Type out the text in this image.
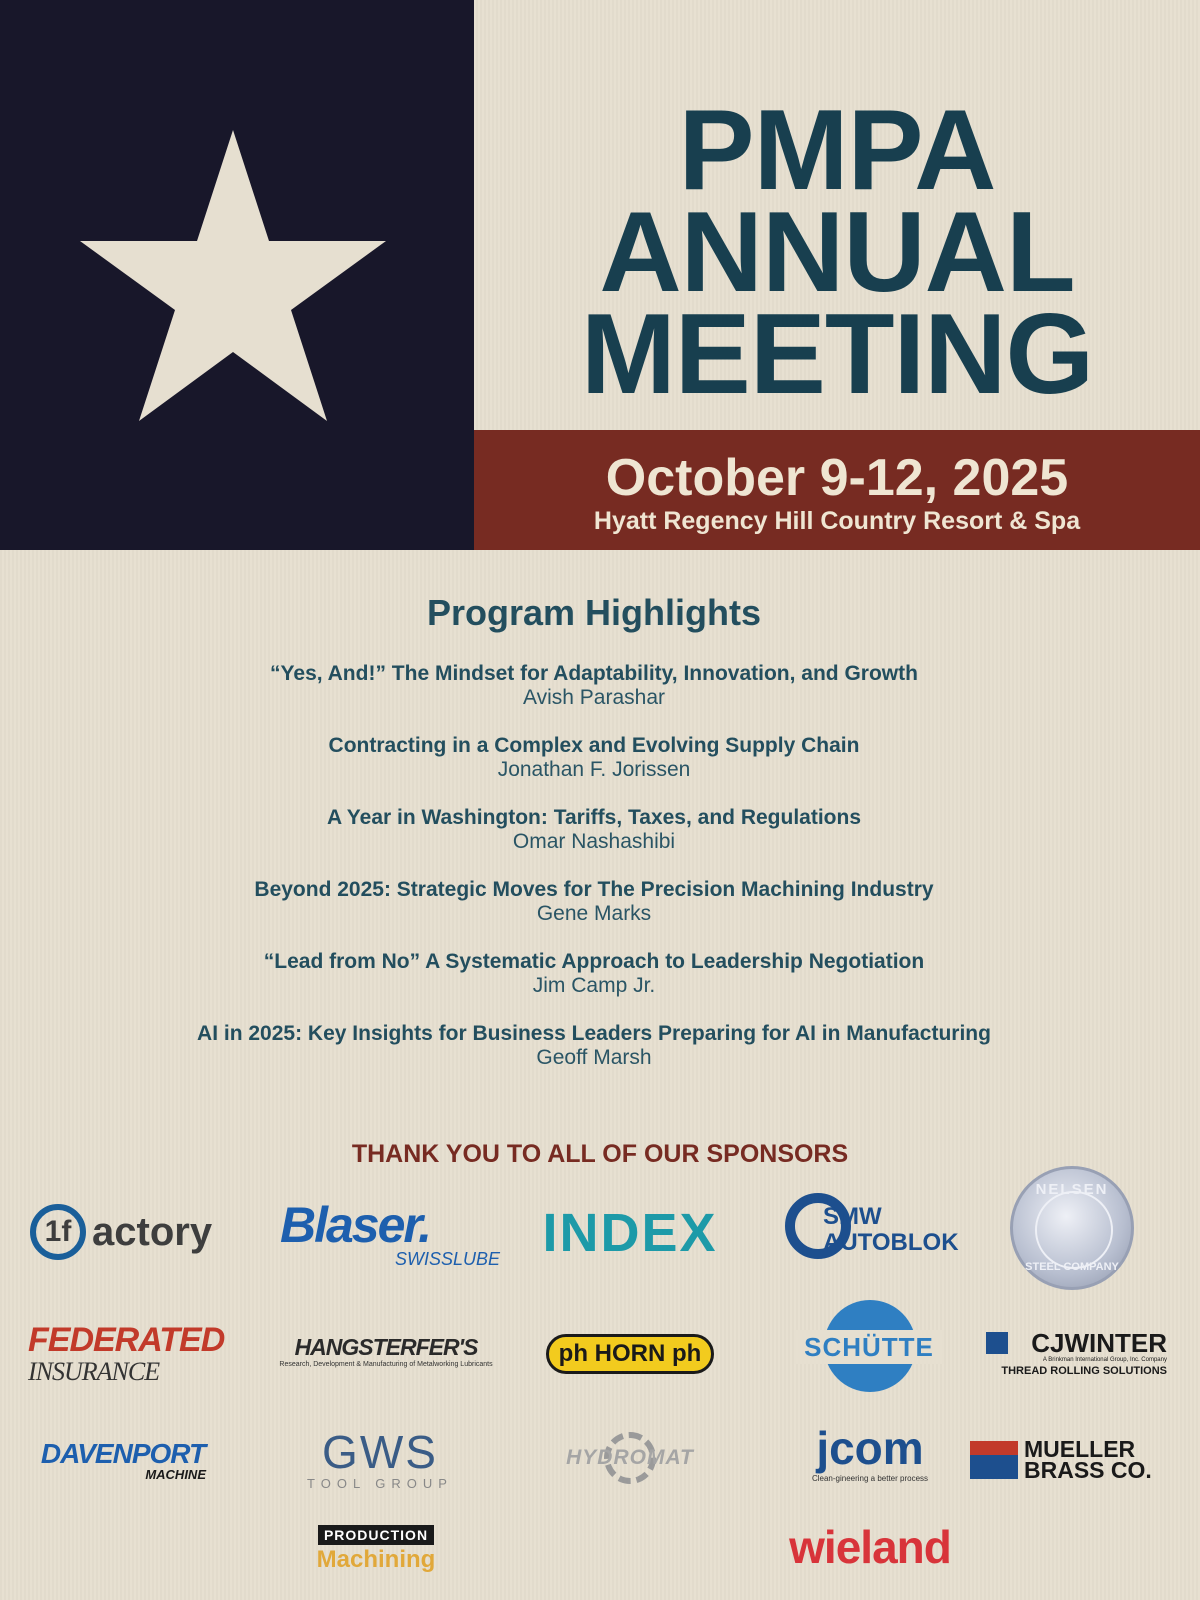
PMPA
ANNUAL
MEETING
October 9-12, 2025
Hyatt Regency Hill Country Resort & Spa
Program Highlights
“Yes, And!” The Mindset for Adaptability, Innovation, and Growth
Avish Parashar
Contracting in a Complex and Evolving Supply Chain
Jonathan F. Jorissen
A Year in Washington: Tariffs, Taxes, and Regulations
Omar Nashashibi
Beyond 2025: Strategic Moves for The Precision Machining Industry
Gene Marks
“Lead from No” A Systematic Approach to Leadership Negotiation
Jim Camp Jr.
AI in 2025: Key Insights for Business Leaders Preparing for AI in Manufacturing
Geoff Marsh
THANK YOU TO ALL OF OUR SPONSORS
1f actory Blaser.
SWISSLUBE INDEX	SMW
AUTOBLOK
NELSEN
STEEL COMPANY
FEDERATED
INSURANCE
HANGSTERFER'S
Research, Development & Manufacturing of Metalworking Lubricants	ph HORN ph	SCHÜTTE	CJWINTER
A Brinkman International Group, Inc. Company
THREAD ROLLING SOLUTIONS
DAVENPORT
MACHINE	GWS
TOOL GROUP
HYDROMAT	jcom
Clean-gineering a better process
MUELLER
BRASS CO.
PRODUCTION
Machining	wieland
